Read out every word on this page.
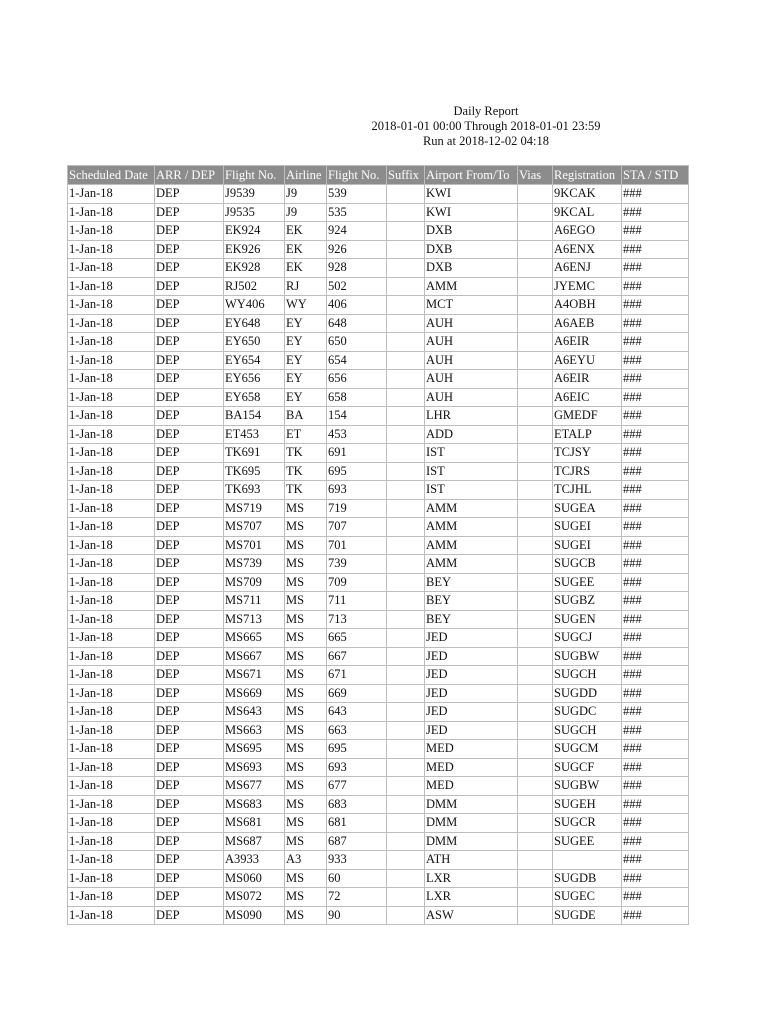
Daily Report
2018-01-01 00:00 Through 2018-01-01 23:59
Run at 2018-12-02 04:18
Scheduled Date	ARR / DEP	Flight No.	Airline	Flight No.	Suffix	Airport From/To	Vias	Registration	STA / STD
1-Jan-18	DEP	J9539	J9	539		KWI		9KCAK	###
1-Jan-18	DEP	J9535	J9	535		KWI		9KCAL	###
1-Jan-18	DEP	EK924	EK	924		DXB		A6EGO	###
1-Jan-18	DEP	EK926	EK	926		DXB		A6ENX	###
1-Jan-18	DEP	EK928	EK	928		DXB		A6ENJ	###
1-Jan-18	DEP	RJ502	RJ	502		AMM		JYEMC	###
1-Jan-18	DEP	WY406	WY	406		MCT		A4OBH	###
1-Jan-18	DEP	EY648	EY	648		AUH		A6AEB	###
1-Jan-18	DEP	EY650	EY	650		AUH		A6EIR	###
1-Jan-18	DEP	EY654	EY	654		AUH		A6EYU	###
1-Jan-18	DEP	EY656	EY	656		AUH		A6EIR	###
1-Jan-18	DEP	EY658	EY	658		AUH		A6EIC	###
1-Jan-18	DEP	BA154	BA	154		LHR		GMEDF	###
1-Jan-18	DEP	ET453	ET	453		ADD		ETALP	###
1-Jan-18	DEP	TK691	TK	691		IST		TCJSY	###
1-Jan-18	DEP	TK695	TK	695		IST		TCJRS	###
1-Jan-18	DEP	TK693	TK	693		IST		TCJHL	###
1-Jan-18	DEP	MS719	MS	719		AMM		SUGEA	###
1-Jan-18	DEP	MS707	MS	707		AMM		SUGEI	###
1-Jan-18	DEP	MS701	MS	701		AMM		SUGEI	###
1-Jan-18	DEP	MS739	MS	739		AMM		SUGCB	###
1-Jan-18	DEP	MS709	MS	709		BEY		SUGEE	###
1-Jan-18	DEP	MS711	MS	711		BEY		SUGBZ	###
1-Jan-18	DEP	MS713	MS	713		BEY		SUGEN	###
1-Jan-18	DEP	MS665	MS	665		JED		SUGCJ	###
1-Jan-18	DEP	MS667	MS	667		JED		SUGBW	###
1-Jan-18	DEP	MS671	MS	671		JED		SUGCH	###
1-Jan-18	DEP	MS669	MS	669		JED		SUGDD	###
1-Jan-18	DEP	MS643	MS	643		JED		SUGDC	###
1-Jan-18	DEP	MS663	MS	663		JED		SUGCH	###
1-Jan-18	DEP	MS695	MS	695		MED		SUGCM	###
1-Jan-18	DEP	MS693	MS	693		MED		SUGCF	###
1-Jan-18	DEP	MS677	MS	677		MED		SUGBW	###
1-Jan-18	DEP	MS683	MS	683		DMM		SUGEH	###
1-Jan-18	DEP	MS681	MS	681		DMM		SUGCR	###
1-Jan-18	DEP	MS687	MS	687		DMM		SUGEE	###
1-Jan-18	DEP	A3933	A3	933		ATH			###
1-Jan-18	DEP	MS060	MS	60		LXR		SUGDB	###
1-Jan-18	DEP	MS072	MS	72		LXR		SUGEC	###
1-Jan-18	DEP	MS090	MS	90		ASW		SUGDE	###
